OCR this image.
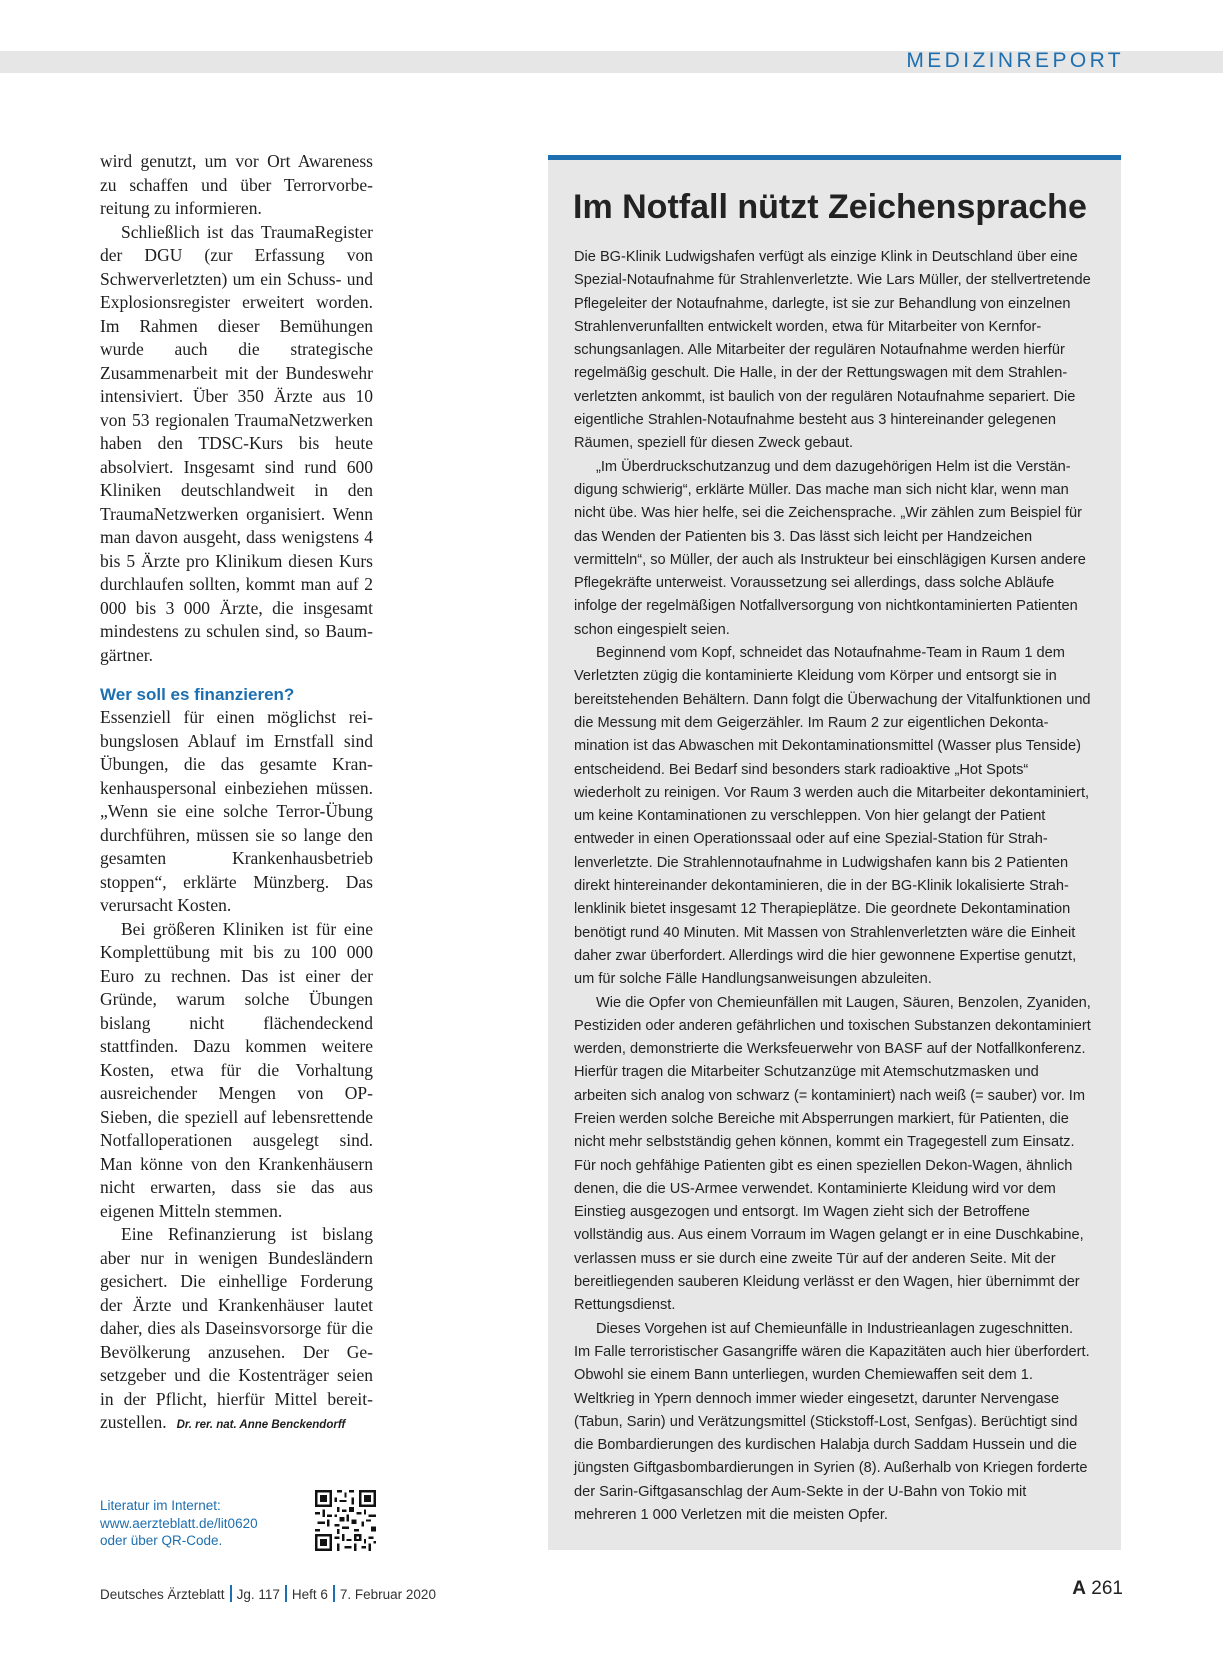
MEDIZINREPORT

wird genutzt, um vor Ort Awareness zu schaffen und über Terrorvorbereitung zu informieren.

Schließlich ist das TraumaRegister der DGU (zur Erfassung von Schwerverletzten) um ein Schuss- und Explosionsregister erweitert worden. Im Rahmen dieser Bemühungen wurde auch die strategische Zusammenarbeit mit der Bundeswehr intensiviert. Über 350 Ärzte aus 10 von 53 regionalen TraumaNetzwerken haben den TDSC-Kurs bis heute absolviert. Insgesamt sind rund 600 Kliniken deutschlandweit in den TraumaNetzwerken organisiert. Wenn man davon ausgeht, dass wenigstens 4 bis 5 Ärzte pro Klinikum diesen Kurs durchlaufen sollten, kommt man auf 2 000 bis 3 000 Ärzte, die insgesamt mindestens zu schulen sind, so Baumgärtner.

Wer soll es finanzieren?

Essenziell für einen möglichst reibungslosen Ablauf im Ernstfall sind Übungen, die das gesamte Krankenhauspersonal einbeziehen müssen. „Wenn sie eine solche Terror-Übung durchführen, müssen sie so lange den gesamten Krankenhausbetrieb stoppen“, erklärte Münzberg. Das verursacht Kosten.

Bei größeren Kliniken ist für eine Komplettübung mit bis zu 100 000 Euro zu rechnen. Das ist einer der Gründe, warum solche Übungen bislang nicht flächendeckend stattfinden. Dazu kommen weitere Kosten, etwa für die Vorhaltung ausreichender Mengen von OP-Sieben, die speziell auf lebensrettende Notfalloperationen ausgelegt sind. Man könne von den Krankenhäusern nicht erwarten, dass sie das aus eigenen Mitteln stemmen.

Eine Refinanzierung ist bislang aber nur in wenigen Bundesländern gesichert. Die einhellige Forderung der Ärzte und Krankenhäuser lautet daher, dies als Daseinsvorsorge für die Bevölkerung anzusehen. Der Gesetzgeber und die Kostenträger seien in der Pflicht, hierfür Mittel bereitzustellen. Dr. rer. nat. Anne Benckendorff

Literatur im Internet:
www.aerzteblatt.de/lit0620
oder über QR-Code.
Im Notfall nützt Zeichensprache

Die BG-Klinik Ludwigshafen verfügt als einzige Klink in Deutschland über eine Spezial-Notaufnahme für Strahlenverletzte. Wie Lars Müller, der stellvertretende Pflegeleiter der Notaufnahme, darlegte, ist sie zur Behandlung von einzelnen Strahlenverunfallten entwickelt worden, etwa für Mitarbeiter von Kernforschungsanlagen. Alle Mitarbeiter der regulären Notaufnahme werden hierfür regelmäßig geschult. Die Halle, in der der Rettungswagen mit dem Strahlenverletzten ankommt, ist baulich von der regulären Notaufnahme separiert. Die eigentliche Strahlen-Notaufnahme besteht aus 3 hintereinander gelegenen Räumen, speziell für diesen Zweck gebaut.

„Im Überdruckschutzanzug und dem dazugehörigen Helm ist die Verständigung schwierig“, erklärte Müller. Das mache man sich nicht klar, wenn man nicht übe. Was hier helfe, sei die Zeichensprache. „Wir zählen zum Beispiel für das Wenden der Patienten bis 3. Das lässt sich leicht per Handzeichen vermitteln“, so Müller, der auch als Instrukteur bei einschlägigen Kursen andere Pflegekräfte unterweist. Voraussetzung sei allerdings, dass solche Abläufe infolge der regelmäßigen Notfallversorgung von nichtkontaminierten Patienten schon eingespielt seien.

Beginnend vom Kopf, schneidet das Notaufnahme-Team in Raum 1 dem Verletzten zügig die kontaminierte Kleidung vom Körper und entsorgt sie in bereitstehenden Behältern. Dann folgt die Überwachung der Vitalfunktionen und die Messung mit dem Geigerzähler. Im Raum 2 zur eigentlichen Dekontamination ist das Abwaschen mit Dekontaminationsmittel (Wasser plus Tenside) entscheidend. Bei Bedarf sind besonders stark radioaktive „Hot Spots“ wiederholt zu reinigen. Vor Raum 3 werden auch die Mitarbeiter dekontaminiert, um keine Kontaminationen zu verschleppen. Von hier gelangt der Patient entweder in einen Operationssaal oder auf eine Spezial-Station für Strahlenverletzte. Die Strahlennotaufnahme in Ludwigshafen kann bis 2 Patienten direkt hintereinander dekontaminieren, die in der BG-Klinik lokalisierte Strahlenklinik bietet insgesamt 12 Therapieplätze. Die geordnete Dekontamination benötigt rund 40 Minuten. Mit Massen von Strahlenverletzten wäre die Einheit daher zwar überfordert. Allerdings wird die hier gewonnene Expertise genutzt, um für solche Fälle Handlungsanweisungen abzuleiten.

Wie die Opfer von Chemieunfällen mit Laugen, Säuren, Benzolen, Zyaniden, Pestiziden oder anderen gefährlichen und toxischen Substanzen dekontaminiert werden, demonstrierte die Werksfeuerwehr von BASF auf der Notfallkonferenz. Hierfür tragen die Mitarbeiter Schutzanzüge mit Atemschutzmasken und arbeiten sich analog von schwarz (= kontaminiert) nach weiß (= sauber) vor. Im Freien werden solche Bereiche mit Absperrungen markiert, für Patienten, die nicht mehr selbstständig gehen können, kommt ein Tragegestell zum Einsatz. Für noch gehfähige Patienten gibt es einen speziellen Dekon-Wagen, ähnlich denen, die die US-Armee verwendet. Kontaminierte Kleidung wird vor dem Einstieg ausgezogen und entsorgt. Im Wagen zieht sich der Betroffene vollständig aus. Aus einem Vorraum im Wagen gelangt er in eine Duschkabine, verlassen muss er sie durch eine zweite Tür auf der anderen Seite. Mit der bereitliegenden sauberen Kleidung verlässt er den Wagen, hier übernimmt der Rettungsdienst.

Dieses Vorgehen ist auf Chemieunfälle in Industrieanlagen zugeschnitten. Im Falle terroristischer Gasangriffe wären die Kapazitäten auch hier überfordert. Obwohl sie einem Bann unterliegen, wurden Chemiewaffen seit dem 1. Weltkrieg in Ypern dennoch immer wieder eingesetzt, darunter Nervengase (Tabun, Sarin) und Verätzungsmittel (Stickstoff-Lost, Senfgas). Berüchtigt sind die Bombardierungen des kurdischen Halabja durch Saddam Hussein und die jüngsten Giftgasbombardierungen in Syrien (8). Außerhalb von Kriegen forderte der Sarin-Giftgasanschlag der Aum-Sekte in der U-Bahn von Tokio mit mehreren 1 000 Verletzen mit die meisten Opfer.

Deutsches Ärzteblatt Jg. 117 Heft 6 7. Februar 2020	A 261
